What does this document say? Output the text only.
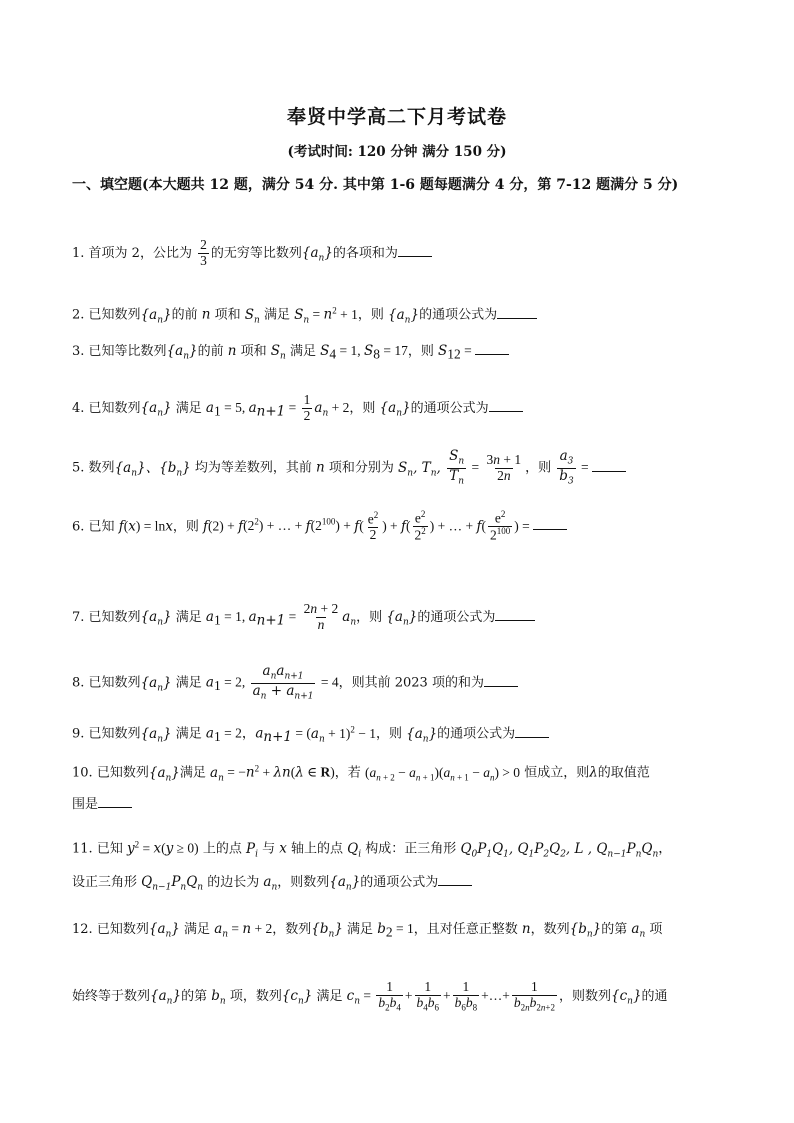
奉贤中学高二下月考试卷
(考试时间: 120 分钟 满分 150 分)
一、填空题(本大题共 12 题，满分 54 分. 其中第 1-6 题每题满分 4 分，第 7-12 题满分 5 分)
1. 首项为 2，公比为 $\frac{2}{3}$ 的无穷等比数列$\{a_n\}$的各项和为
2. 已知数列$\{a_n\}$的前 n 项和 $S_n$ 满足 $S_n = n^2 + 1$，则 $\{a_n\}$的通项公式为
3. 已知等比数列$\{a_n\}$的前 n 项和 $S_n$ 满足 $S_4 = 1$, $S_8 = 17$，则 $S_{12}$ =
4. 已知数列$\{a_n\}$ 满足 $a_1 = 5$, $a_{n+1} = \frac{1}{2} a_n + 2$，则 $\{a_n\}$的通项公式为
5. 数列$\{a_n\}$、$\{b_n\}$ 均为等差数列，其前 n 项和分别为 $S_n$, $T_n$, $\frac{S_n}{T_n} = \frac{3n + 1}{2n}$ ，则 $\frac{a_3}{b_3}$ =
6. 已知 f(x) = lnx，则 $f(2) + f(2^2)$ + … + $f(2^{100}) + f( \frac{e^2}{2}$ ) + $f( \frac{e^2}{2^2}$ ) + … + $f( \frac{e^2}{2^{100}}$ ) =
7. 已知数列$\{a_n\}$ 满足 $a_1 = 1$, $a_{n+1} = \frac{2n + 2}{n} a_n$，则 $\{a_n\}$的通项公式为
8. 已知数列$\{a_n\}$ 满足 $a_1 = 2$, $\frac{a_na_{n+1}}{a_n + a_{n+1}} = 4$，则其前 2023 项的和为
9. 已知数列$\{a_n\}$ 满足 $a_1 = 2$，$a_{n+1} = (a_n + 1)^2 - 1$，则 $\{a_n\}$的通项公式为
10. 已知数列$\{a_n\}$满足 $a_n = -n^2 + \lambda n(\lambda$ ∈ R)，若 $(a_{n + 2} - a_{n + 1})(a_{n + 1} - a_n) > 0$ 恒成立，则λ的取值范
围是
11. 已知 $y^2 = x(y \ge 0)$ 上的点 $P_i$ 与 x 轴上的点 $Q_i$ 构成：正三角形 $Q_0P_1Q_1$, $Q_1P_2Q_2$, L , $Q_{n-1}P_nQ_n$，
设正三角形 $Q_{n-1}P_nQ_n$ 的边长为 $a_n$，则数列$\{a_n\}$的通项公式为
12. 已知数列$\{a_n\}$ 满足 $a_n = n + 2$，数列$\{b_n\}$ 满足 $b_2 = 1$，且对任意正整数 n，数列$\{b_n\}$的第 $a_n$ 项
始终等于数列$\{a_n\}$的第 $b_n$ 项，数列$\{c_n\}$ 满足 $c_n = \frac{1}{b_2b_4} + \frac{1}{b_4b_6} + \frac{1}{b_6b_8}$ +…+ $\frac{1}{b_{2n}b_{2n+2}}$ ，则数列$\{c_n\}$的通
